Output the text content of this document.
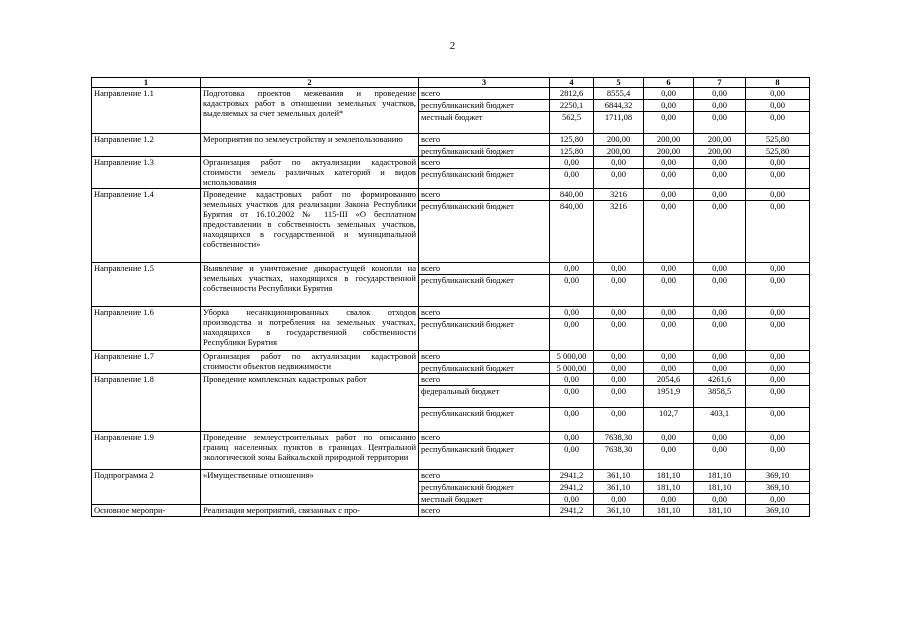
2
1	2	3	4	5	6	7	8
Направление 1.1	Подготовка проектов межевания и проведение кадастровых работ в отношении земельных участков, выделяемых за счет земельных долей*	всего	2812,6	8555,4	0,00	0,00	0,00
		республиканский бюджет	2250,1	6844,32	0,00	0,00	0,00
		местный бюджет	562,5	1711,08	0,00	0,00	0,00
Направление 1.2	Мероприятия по землеустройству и землепользованию	всего	125,80	200,00	200,00	200,00	525,80
		республиканский бюджет	125,80	200,00	200,00	200,00	525,80
Направление 1.3	Организация работ по актуализации кадастровой стоимости земель различных категорий и видов использования	всего	0,00	0,00	0,00	0,00	0,00
		республиканский бюджет	0,00	0,00	0,00	0,00	0,00
Направление 1.4	Проведение кадастровых работ по формированию земельных участков для реализации Закона Республики Бурятия от 16.10.2002 № 115-III «О бесплатном предоставлении в собственность земельных участков, находящихся в государственной и муниципальной собственности»	всего	840,00	3216	0,00	0,00	0,00
		республиканский бюджет	840,00	3216	0,00	0,00	0,00
Направление 1.5	Выявление и уничтожение дикорастущей конопли на земельных участках, находящихся в государственной собственности Республики Бурятия	всего	0,00	0,00	0,00	0,00	0,00
		республиканский бюджет	0,00	0,00	0,00	0,00	0,00
Направление 1.6	Уборка несанкционированных свалок отходов производства и потребления на земельных участках, находящихся в государственной собственности Республики Бурятия	всего	0,00	0,00	0,00	0,00	0,00
		республиканский бюджет	0,00	0,00	0,00	0,00	0,00
Направление 1.7	Организация работ по актуализации кадастровой стоимости объектов недвижимости	всего	5 000,00	0,00	0,00	0,00	0,00
		республиканский бюджет	5 000,00	0,00	0,00	0,00	0,00
Направление 1.8	Проведение комплексных кадастровых работ	всего	0,00	0,00	2054,6	4261,6	0,00
		федеральный бюджет	0,00	0,00	1951,9	3858,5	0,00
		республиканский бюджет	0,00	0,00	102,7	403,1	0,00
Направление 1.9	Проведение землеустроительных работ по описанию границ населенных пунктов в границах Центральной экологической зоны Байкальской природной территории	всего	0,00	7638,30	0,00	0,00	0,00
		республиканский бюджет	0,00	7638,30	0,00	0,00	0,00
Подпрограмма 2	«Имущественные отношения»	всего	2941,2	361,10	181,10	181,10	369,10
		республиканский бюджет	2941,2	361,10	181,10	181,10	369,10
		местный бюджет	0,00	0,00	0,00	0,00	0,00
Основное меропри-	Реализация мероприятий, связанных с про-	всего	2941,2	361,10	181,10	181,10	369,10
